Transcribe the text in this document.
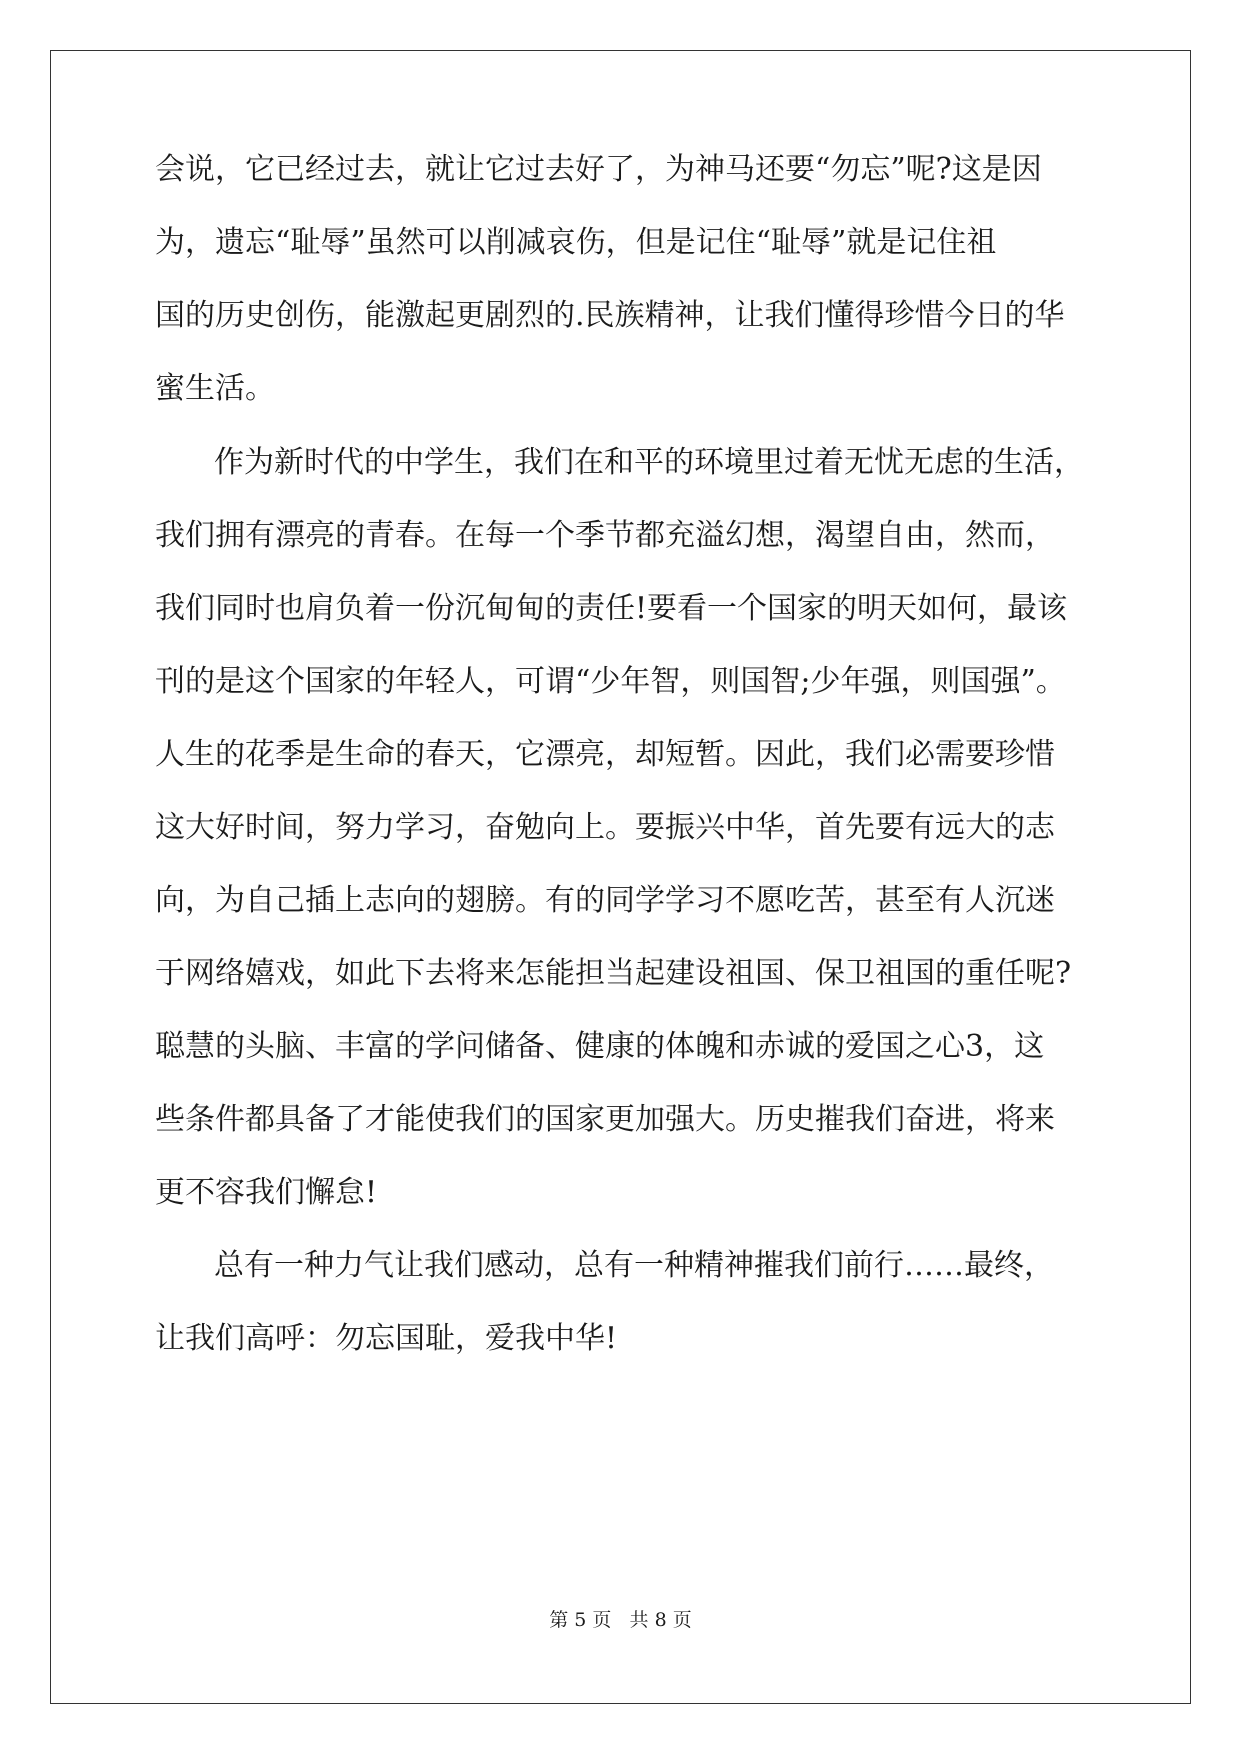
会说，它已经过去，就让它过去好了，为神马还要“勿忘”呢?这是因

为，遗忘“耻辱”虽然可以削减哀伤，但是记住“耻辱”就是记住祖

国的历史创伤，能激起更剧烈的.民族精神，让我们懂得珍惜今日的华

蜜生活。

作为新时代的中学生，我们在和平的环境里过着无忧无虑的生活，

我们拥有漂亮的青春。在每一个季节都充溢幻想，渴望自由，然而，

我们同时也肩负着一份沉甸甸的责任!要看一个国家的明天如何，最该

刊的是这个国家的年轻人，可谓“少年智，则国智;少年强，则国强”。

人生的花季是生命的春天，它漂亮，却短暂。因此，我们必需要珍惜

这大好时间，努力学习，奋勉向上。要振兴中华，首先要有远大的志

向，为自己插上志向的翅膀。有的同学学习不愿吃苦，甚至有人沉迷

于网络嬉戏，如此下去将来怎能担当起建设祖国、保卫祖国的重任呢?

聪慧的头脑、丰富的学问储备、健康的体魄和赤诚的爱国之心3，这

些条件都具备了才能使我们的国家更加强大。历史摧我们奋进，将来

更不容我们懈怠!

总有一种力气让我们感动，总有一种精神摧我们前行……最终，

让我们高呼：勿忘国耻，爱我中华!

第 5 页   共 8 页
